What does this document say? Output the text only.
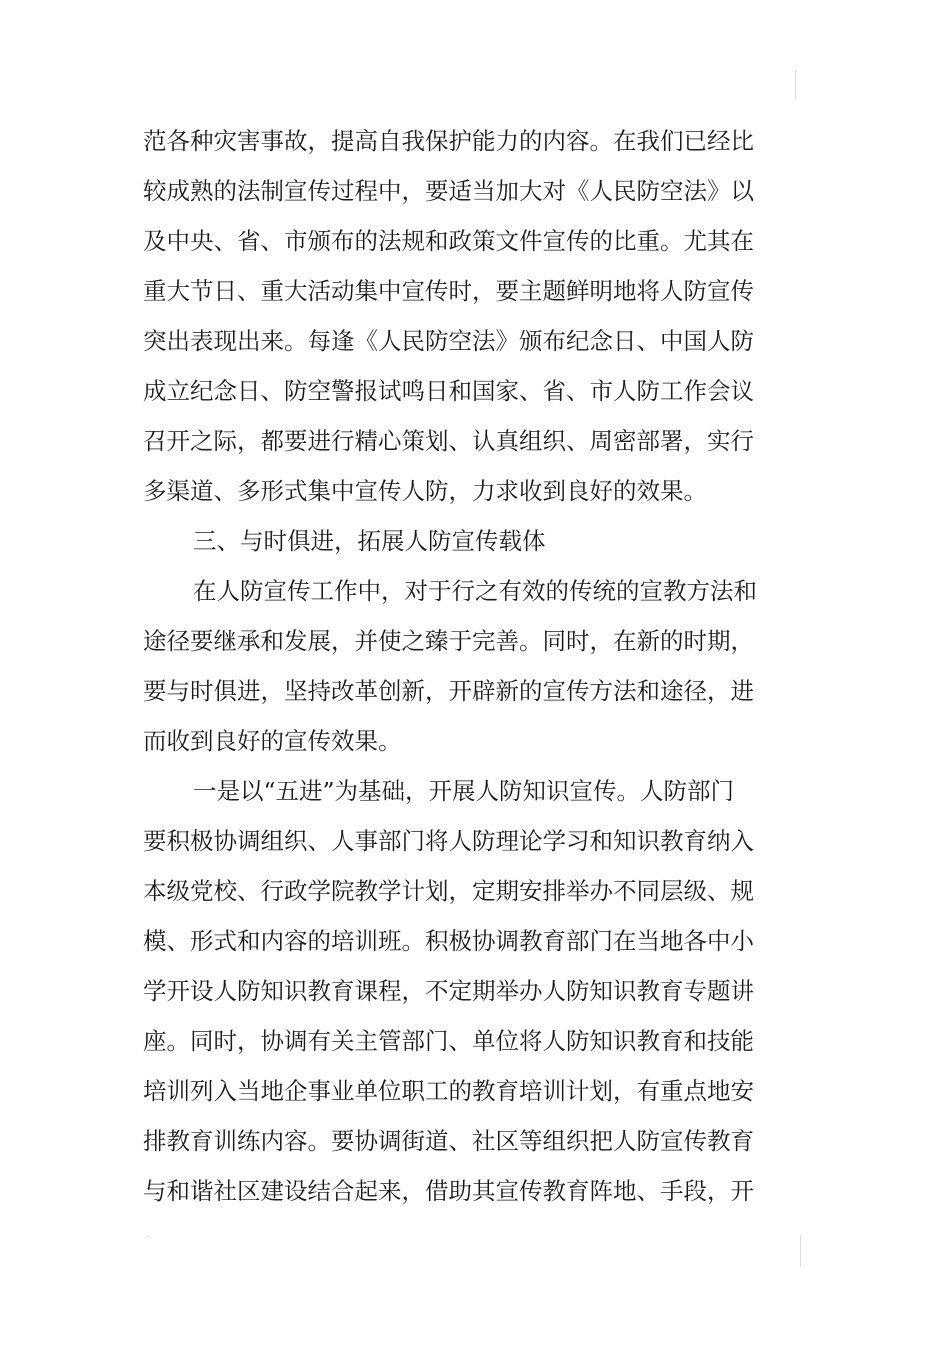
范各种灾害事故，提高自我保护能力的内容。在我们已经比
较成熟的法制宣传过程中，要适当加大对《人民防空法》以
及中央、省、市颁布的法规和政策文件宣传的比重。尤其在
重大节日、重大活动集中宣传时，要主题鲜明地将人防宣传
突出表现出来。每逢《人民防空法》颁布纪念日、中国人防
成立纪念日、防空警报试鸣日和国家、省、市人防工作会议
召开之际，都要进行精心策划、认真组织、周密部署，实行
多渠道、多形式集中宣传人防，力求收到良好的效果。
三、与时俱进，拓展人防宣传载体
在人防宣传工作中，对于行之有效的传统的宣教方法和
途径要继承和发展，并使之臻于完善。同时，在新的时期，
要与时俱进，坚持改革创新，开辟新的宣传方法和途径，进
而收到良好的宣传效果。
一是以“五进”为基础，开展人防知识宣传。人防部门
要积极协调组织、人事部门将人防理论学习和知识教育纳入
本级党校、行政学院教学计划，定期安排举办不同层级、规
模、形式和内容的培训班。积极协调教育部门在当地各中小
学开设人防知识教育课程，不定期举办人防知识教育专题讲
座。同时，协调有关主管部门、单位将人防知识教育和技能
培训列入当地企事业单位职工的教育培训计划，有重点地安
排教育训练内容。要协调街道、社区等组织把人防宣传教育
与和谐社区建设结合起来，借助其宣传教育阵地、手段，开
